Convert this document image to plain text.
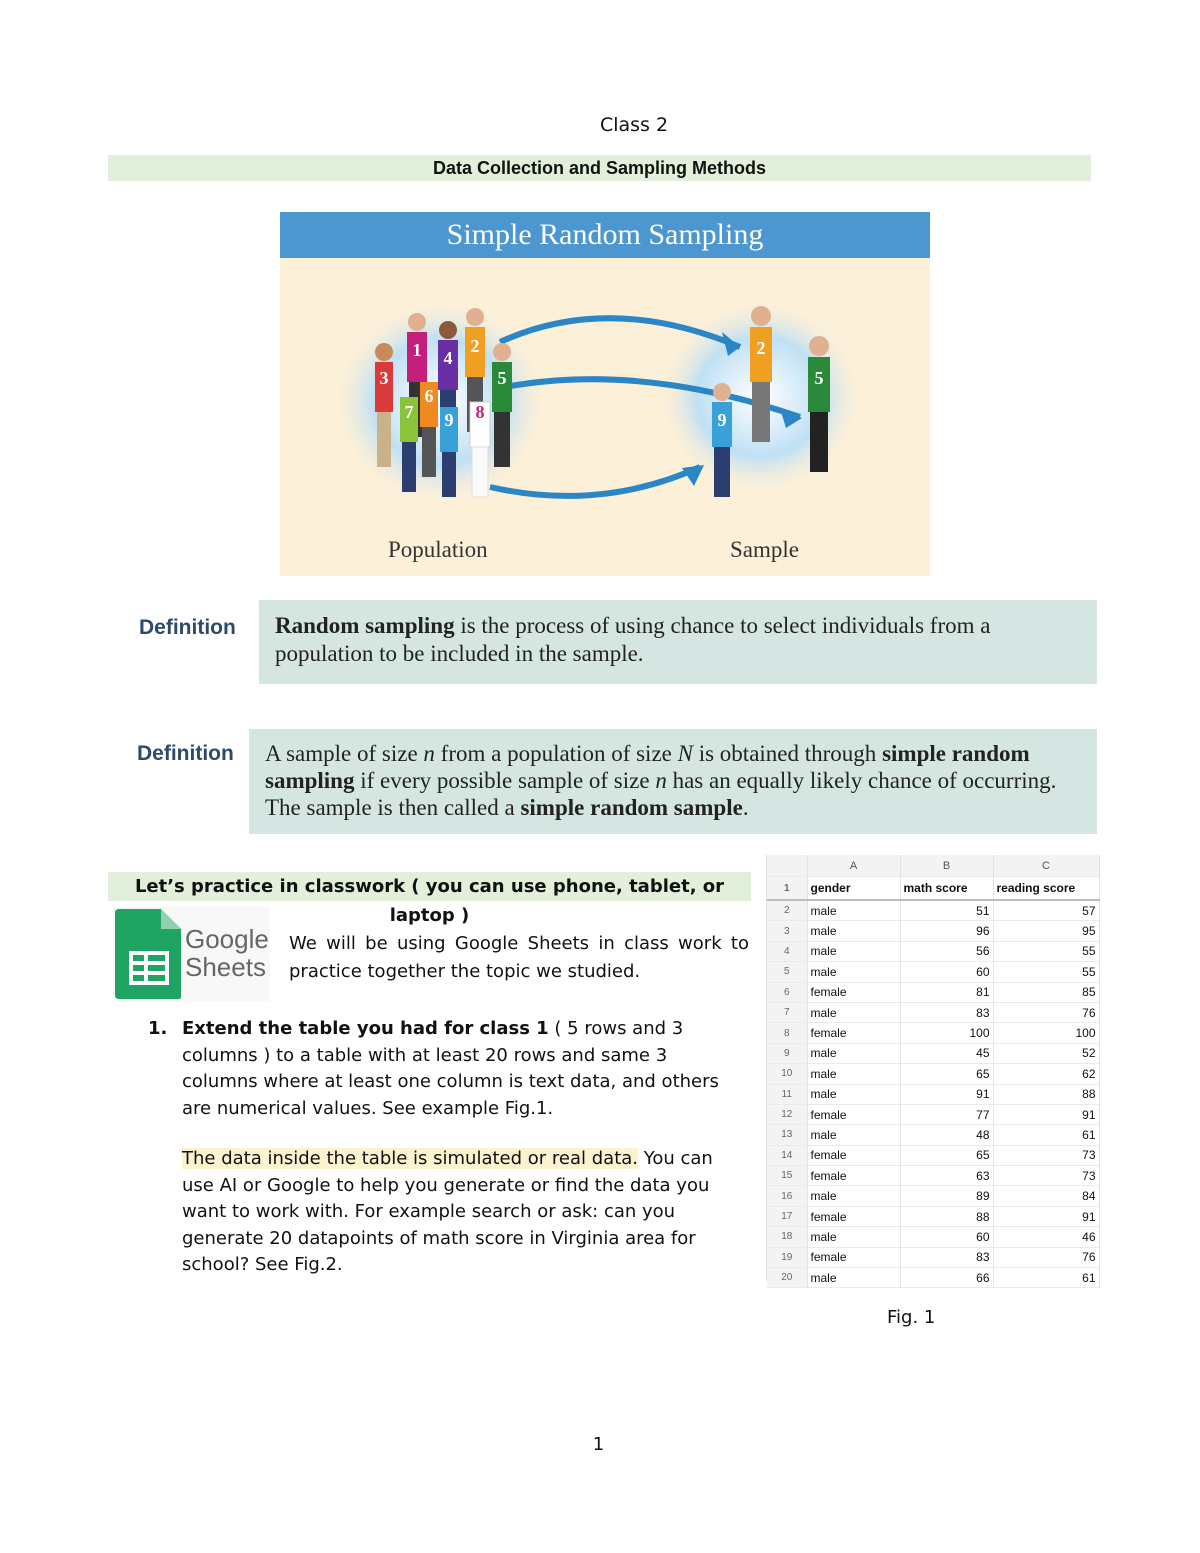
Class 2
Data Collection and Sampling Methods
1 4
2
3	5
6
7	8
9
2
5
9
Simple Random Sampling
Population	Sample
Definition	Random sampling is the process of using chance to select individuals from a population to be included in the sample.
Definition	A sample of size n from a population of size N is obtained through simple random sampling if every possible sample of size n has an equally likely chance of occurring. The sample is then called a simple random sample.
Let’s practice in classwork ( you can use phone, tablet, or laptop )
Google
Sheets
We will be using Google Sheets in class work to practice together the topic we studied.
1. Extend the table you had for class 1 ( 5 rows and 3 columns ) to a table with at least 20 rows and same 3 columns where at least one column is text data, and others are numerical values. See example Fig.1.
The data inside the table is simulated or real data. You can use AI or Google to help you generate or find the data you want to work with. For example search or ask: can you generate 20 datapoints of math score in Virginia area for school? See Fig.2.
	A	B	C
1	gender	math score	reading score
2	male	51	57
3	male	96	95
4	male	56	55
5	male	60	55
6	female	81	85
7	male	83	76
8	female	100	100
9	male	45	52
10	male	65	62
11	male	91	88
12	female	77	91
13	male	48	61
14	female	65	73
15	female	63	73
16	male	89	84
17	female	88	91
18	male	60	46
19	female	83	76
20	male	66	61
Fig. 1
1
